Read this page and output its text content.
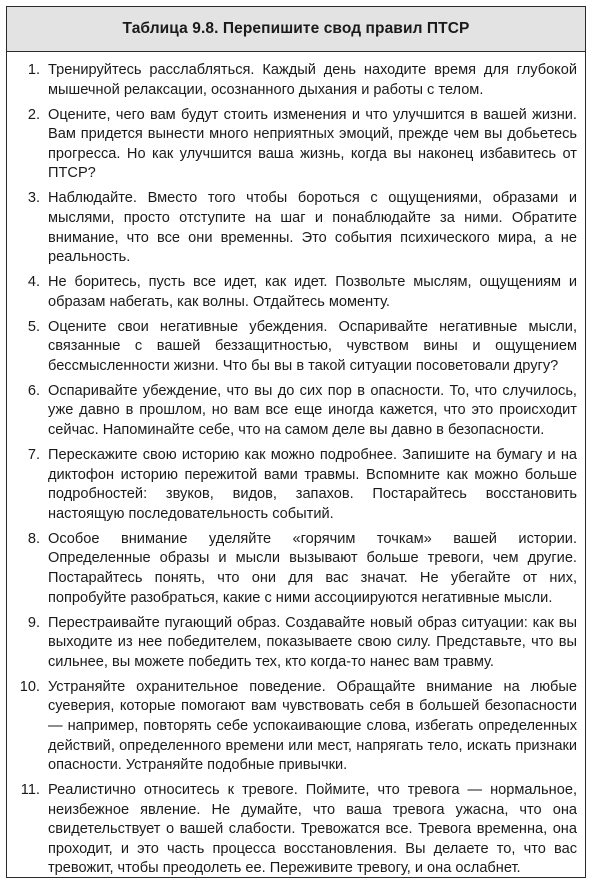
Таблица 9.8. Перепишите свод правил ПТСР
1. Тренируйтесь расслабляться. Каждый день находите время для глубокой мышечной релаксации, осознанного дыхания и работы с телом.
2. Оцените, чего вам будут стоить изменения и что улучшится в вашей жизни. Вам придется вынести много неприятных эмоций, прежде чем вы добьетесь прогресса. Но как улучшится ваша жизнь, когда вы наконец избавитесь от ПТСР?
3. Наблюдайте. Вместо того чтобы бороться с ощущениями, образами и мыслями, просто отступите на шаг и понаблюдайте за ними. Обратите внимание, что все они временны. Это события психического мира, а не реальность.
4. Не боритесь, пусть все идет, как идет. Позвольте мыслям, ощущениям и образам набегать, как волны. Отдайтесь моменту.
5. Оцените свои негативные убеждения. Оспаривайте негативные мысли, связанные с вашей беззащитностью, чувством вины и ощущением бессмысленности жизни. Что бы вы в такой ситуации посоветовали другу?
6. Оспаривайте убеждение, что вы до сих пор в опасности. То, что случилось, уже давно в прошлом, но вам все еще иногда кажется, что это происходит сейчас. Напоминайте себе, что на самом деле вы давно в безопасности.
7. Перескажите свою историю как можно подробнее. Запишите на бумагу и на диктофон историю пережитой вами травмы. Вспомните как можно больше подробностей: звуков, видов, запахов. Постарайтесь восстановить настоящую последовательность событий.
8. Особое внимание уделяйте «горячим точкам» вашей истории. Определенные образы и мысли вызывают больше тревоги, чем другие. Постарайтесь понять, что они для вас значат. Не убегайте от них, попробуйте разобраться, какие с ними ассоциируются негативные мысли.
9. Перестраивайте пугающий образ. Создавайте новый образ ситуации: как вы выходите из нее победителем, показываете свою силу. Представьте, что вы сильнее, вы можете победить тех, кто когда-то нанес вам травму.
10. Устраняйте охранительное поведение. Обращайте внимание на любые суеверия, которые помогают вам чувствовать себя в большей безопасности — например, повторять себе успокаивающие слова, избегать определенных действий, определенного времени или мест, напрягать тело, искать признаки опасности. Устраняйте подобные привычки.
11. Реалистично относитесь к тревоге. Поймите, что тревога — нормальное, неизбежное явление. Не думайте, что ваша тревога ужасна, что она свидетельствует о вашей слабости. Тревожатся все. Тревога временна, она проходит, и это часть процесса восстановления. Вы делаете то, что вас тревожит, чтобы преодолеть ее. Переживите тревогу, и она ослабнет.
